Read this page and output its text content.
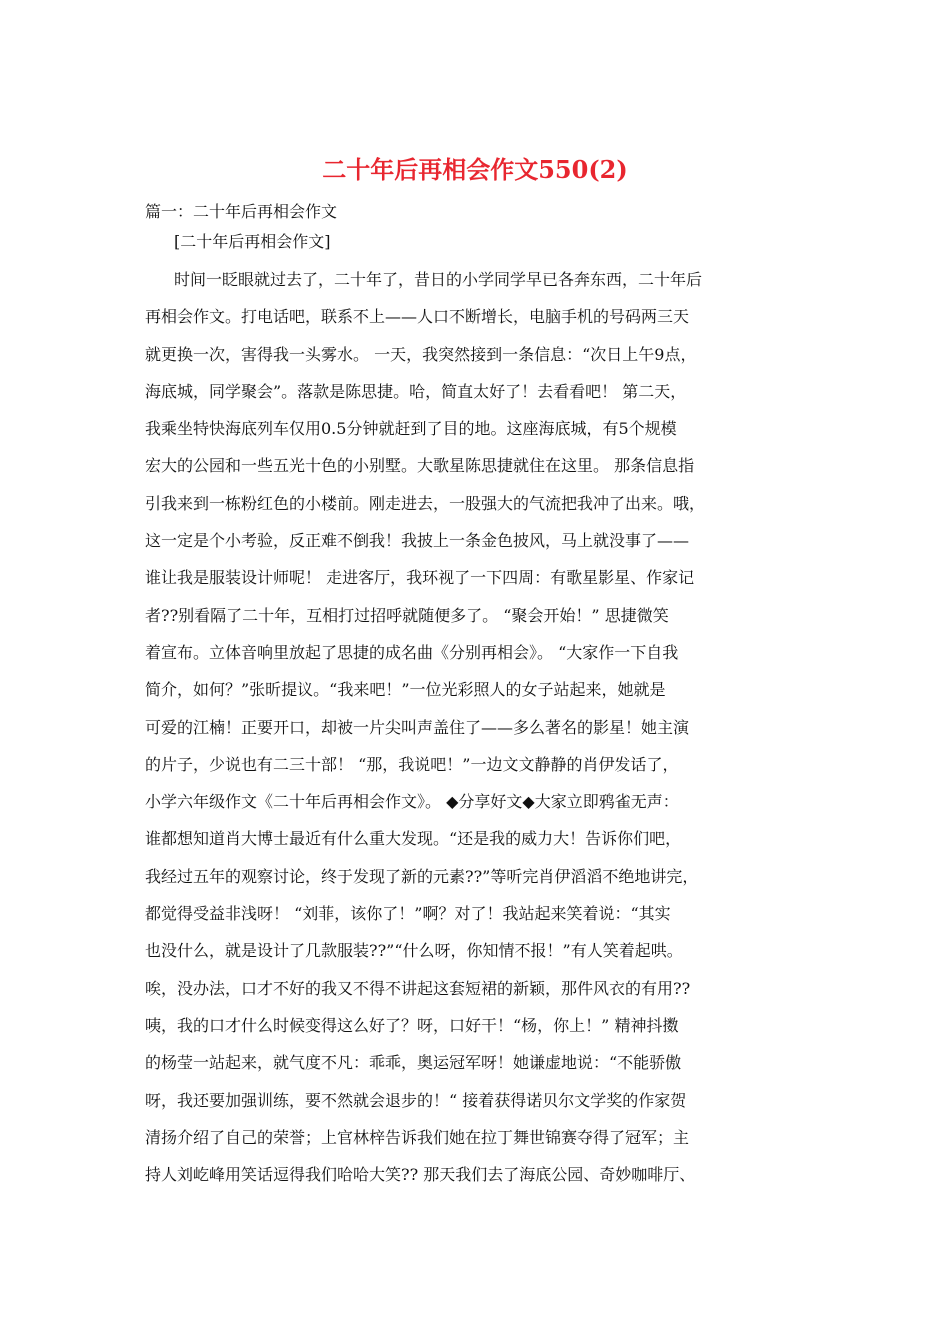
二十年后再相会作文550(2)
篇一：二十年后再相会作文
[二十年后再相会作文]
时间一眨眼就过去了，二十年了，昔日的小学同学早已各奔东西，二十年后
再相会作文。打电话吧，联系不上——人口不断增长，电脑手机的号码两三天
就更换一次，害得我一头雾水。 一天，我突然接到一条信息：“次日上午9点，
海底城，同学聚会”。落款是陈思捷。哈，简直太好了！去看看吧！ 第二天，
我乘坐特快海底列车仅用0.5分钟就赶到了目的地。这座海底城，有5个规模
宏大的公园和一些五光十色的小别墅。大歌星陈思捷就住在这里。 那条信息指
引我来到一栋粉红色的小楼前。刚走进去，一股强大的气流把我冲了出来。哦，
这一定是个小考验，反正难不倒我！我披上一条金色披风，马上就没事了——
谁让我是服装设计师呢！ 走进客厅，我环视了一下四周：有歌星影星、作家记
者??别看隔了二十年，互相打过招呼就随便多了。 “聚会开始！” 思捷微笑
着宣布。立体音响里放起了思捷的成名曲《分别再相会》。 “大家作一下自我
简介，如何？”张昕提议。“我来吧！”一位光彩照人的女子站起来，她就是
可爱的江楠！正要开口，却被一片尖叫声盖住了——多么著名的影星！她主演
的片子，少说也有二三十部！ “那，我说吧！”一边文文静静的肖伊发话了，
小学六年级作文《二十年后再相会作文》。 ◆分享好文◆大家立即鸦雀无声：
谁都想知道肖大博士最近有什么重大发现。“还是我的威力大！告诉你们吧，
我经过五年的观察讨论，终于发现了新的元素??”等听完肖伊滔滔不绝地讲完，
都觉得受益非浅呀！ “刘菲，该你了！”啊？对了！我站起来笑着说：“其实
也没什么，就是设计了几款服装??”“什么呀，你知情不报！”有人笑着起哄。
唉，没办法，口才不好的我又不得不讲起这套短裙的新颖，那件风衣的有用??
咦，我的口才什么时候变得这么好了？呀，口好干！“杨，你上！” 精神抖擞
的杨莹一站起来，就气度不凡：乖乖，奥运冠军呀！她谦虚地说：“不能骄傲
呀，我还要加强训练，要不然就会退步的！“ 接着获得诺贝尔文学奖的作家贺
清扬介绍了自己的荣誉；上官林梓告诉我们她在拉丁舞世锦赛夺得了冠军；主
持人刘屹峰用笑话逗得我们哈哈大笑?? 那天我们去了海底公园、奇妙咖啡厅、
